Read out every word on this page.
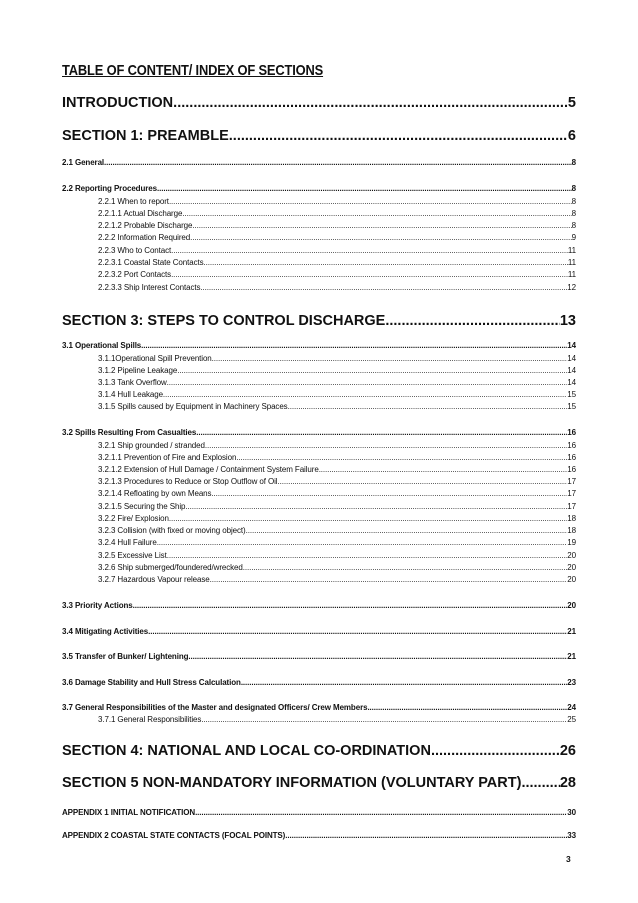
TABLE OF CONTENT/ INDEX OF SECTIONS
INTRODUCTION .....	5
SECTION 1: PREAMBLE .....	6
2.1 General .....	8
2.2 Reporting Procedures .....	8
2.2.1 When to report .....	8
2.2.1.1 Actual Discharge .....	8
2.2.1.2 Probable Discharge .....	8
2.2.2 Information Required .....	9
2.2.3 Who to Contact .....	11
2.2.3.1 Coastal State Contacts .....	11
2.2.3.2 Port Contacts .....	11
2.2.3.3 Ship Interest Contacts .....	12
SECTION 3: STEPS TO CONTROL DISCHARGE .....	13
3.1 Operational Spills .....	14
3.1.1Operational Spill Prevention .....	14
3.1.2 Pipeline Leakage .....	14
3.1.3 Tank Overflow .....	14
3.1.4 Hull Leakage .....	15
3.1.5 Spills caused by Equipment in Machinery Spaces .....	15
3.2 Spills Resulting From Casualties .....	16
3.2.1 Ship grounded / stranded .....	16
3.2.1.1 Prevention of Fire and Explosion .....	16
3.2.1.2 Extension of Hull Damage / Containment System Failure .....	16
3.2.1.3 Procedures to Reduce or Stop Outflow of Oil .....	17
3.2.1.4 Refloating by own Means .....	17
3.2.1.5 Securing the Ship .....	17
3.2.2 Fire/ Explosion .....	18
3.2.3 Collision (with fixed or moving object) .....	18
3.2.4 Hull Failure .....	19
3.2.5 Excessive List .....	20
3.2.6 Ship submerged/foundered/wrecked .....	20
3.2.7 Hazardous Vapour release .....	20
3.3 Priority Actions .....	20
3.4 Mitigating Activities .....	21
3.5 Transfer of Bunker/ Lightening .....	21
3.6 Damage Stability and Hull Stress Calculation .....	23
3.7 General Responsibilities of the Master and designated Officers/ Crew Members .....	24
3.7.1 General Responsibilities .....	25
SECTION 4: NATIONAL AND LOCAL CO-ORDINATION .....	26
SECTION 5 NON-MANDATORY INFORMATION (VOLUNTARY PART) .....	28
APPENDIX 1 INITIAL NOTIFICATION .....	30
APPENDIX 2 COASTAL STATE CONTACTS (FOCAL POINTS) .....	33
3
